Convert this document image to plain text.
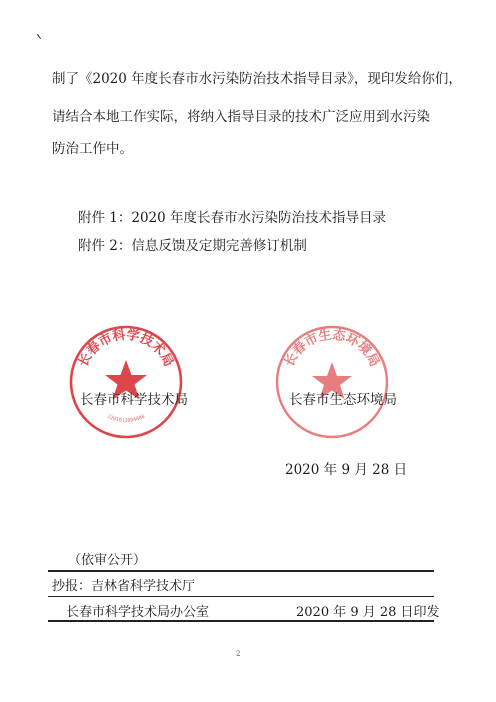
制了《2020 年度长春市水污染防治技术指导目录》，现印发给你们，
请结合本地工作实际，将纳入指导目录的技术广泛应用到水污染
防治工作中。
附件 1：2020 年度长春市水污染防治技术指导目录
附件 2：信息反馈及定期完善修订机制
长春市科学技术局
2201011004808
长春市生态环境局
长春市科学技术局	长春市生态环境局
2020 年 9 月 28 日
（依审公开）
抄报：吉林省科学技术厅
长春市科学技术局办公室	2020 年 9 月 28 日印发
2
